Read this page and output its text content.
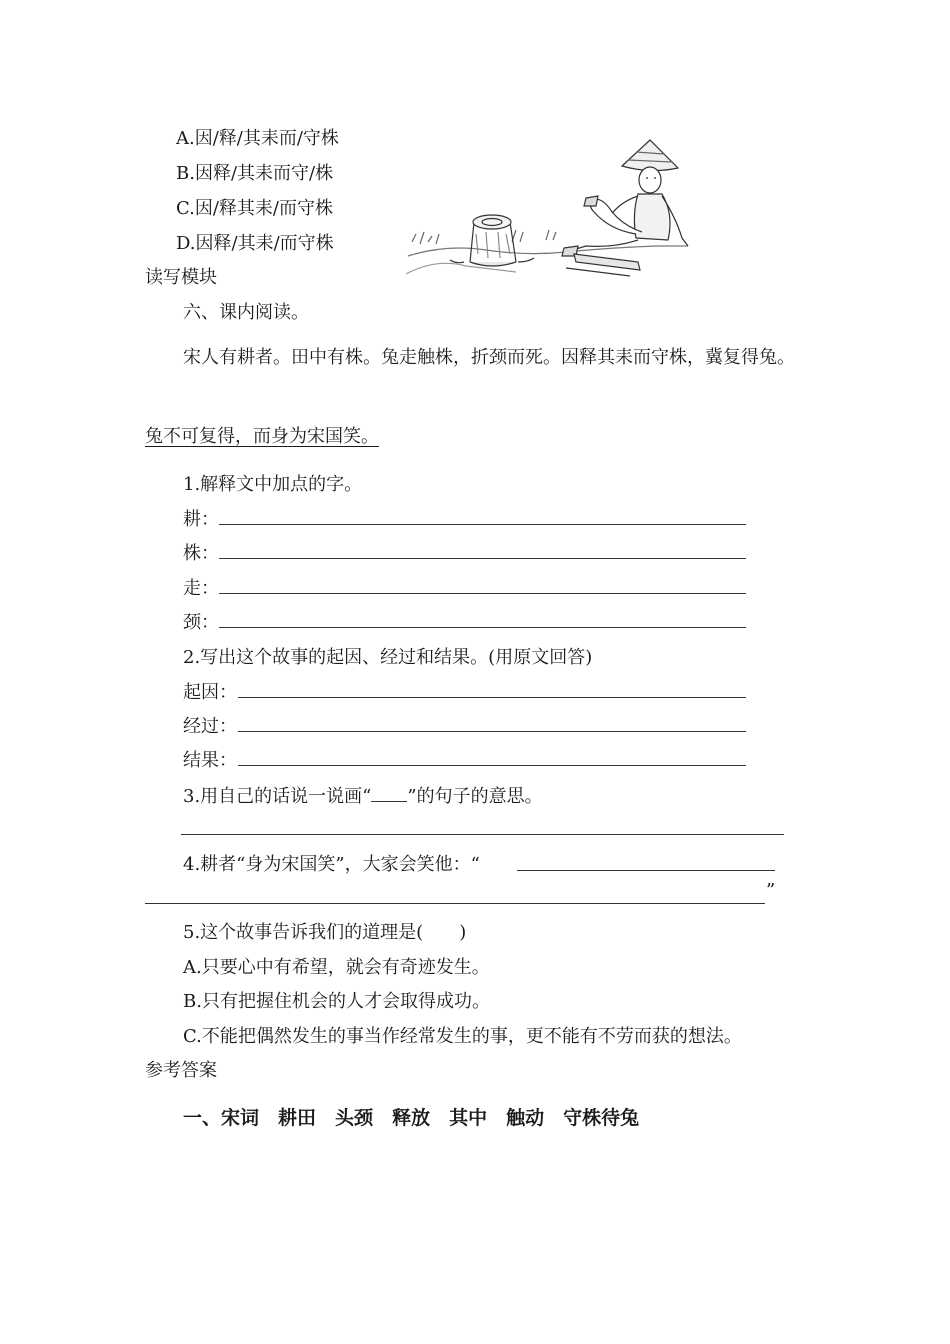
A.因/释/其耒而/守株
B.因释/其耒而守/株
C.因/释其耒/而守株
D.因释/其耒/而守株
读写模块
六、课内阅读。
宋人有耕者。田中有株。兔走触株，折颈而死。因释其耒而守株，冀复得兔。
兔不可复得，而身为宋国笑。
1.解释文中加点的字。
耕：
株：
走：
颈：
2.写出这个故事的起因、经过和结果。(用原文回答)
起因：
经过：
结果：
3.用自己的话说一说画“ ”的句子的意思。
4.耕者“身为宋国笑”，大家会笑他：“
”
5.这个故事告诉我们的道理是(　　)
A.只要心中有希望，就会有奇迹发生。
B.只有把握住机会的人才会取得成功。
C.不能把偶然发生的事当作经常发生的事，更不能有不劳而获的想法。
参考答案
一、宋词 耕田 头颈 释放 其中 触动 守株待兔
